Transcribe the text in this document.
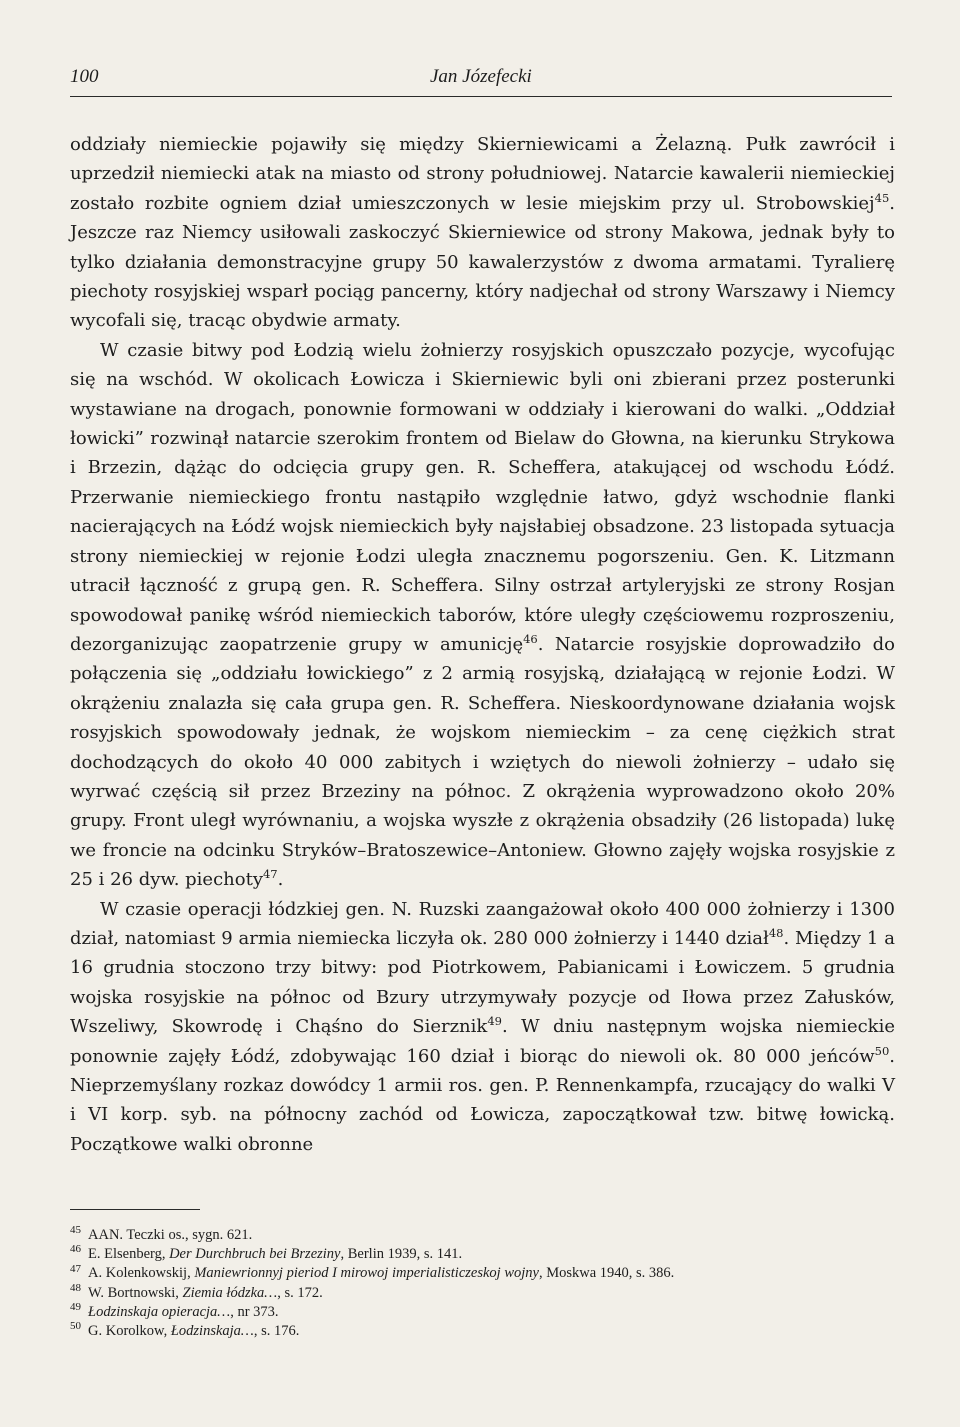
100	Jan Józefecki

oddziały niemieckie pojawiły się między Skierniewicami a Żelazną. Pułk zawrócił i uprzedził niemiecki atak na miasto od strony południowej. Natarcie kawalerii niemieckiej zostało rozbite ogniem dział umieszczonych w lesie miejskim przy ul. Strobowskiej$^{45}$. Jeszcze raz Niemcy usiłowali zaskoczyć Skierniewice od strony Makowa, jednak były to tylko działania demonstracyjne grupy 50 kawalerzystów z dwoma armatami. Tyralierę piechoty rosyjskiej wsparł pociąg pancerny, który nadjechał od strony Warszawy i Niemcy wycofali się, tracąc obydwie armaty.

W czasie bitwy pod Łodzią wielu żołnierzy rosyjskich opuszczało pozycje, wycofując się na wschód. W okolicach Łowicza i Skierniewic byli oni zbierani przez posterunki wystawiane na drogach, ponownie formowani w oddziały i kierowani do walki. „Oddział łowicki” rozwinął natarcie szerokim frontem od Bielaw do Głowna, na kierunku Strykowa i Brzezin, dążąc do odcięcia grupy gen. R. Scheffera, atakującej od wschodu Łódź. Przerwanie niemieckiego frontu nastąpiło względnie łatwo, gdyż wschodnie flanki nacierających na Łódź wojsk niemieckich były najsłabiej obsadzone. 23 listopada sytuacja strony niemieckiej w rejonie Łodzi uległa znacznemu pogorszeniu. Gen. K. Litzmann utracił łączność z grupą gen. R. Scheffera. Silny ostrzał artyleryjski ze strony Rosjan spowodował panikę wśród niemieckich taborów, które uległy częściowemu rozproszeniu, dezorganizując zaopatrzenie grupy w amunicję$^{46}$. Natarcie rosyjskie doprowadziło do połączenia się „oddziału łowickiego” z 2 armią rosyjską, działającą w rejonie Łodzi. W okrążeniu znalazła się cała grupa gen. R. Scheffera. Nieskoordynowane działania wojsk rosyjskich spowodowały jednak, że wojskom niemieckim – za cenę ciężkich strat dochodzących do około 40 000 zabitych i wziętych do niewoli żołnierzy – udało się wyrwać częścią sił przez Brzeziny na północ. Z okrążenia wyprowadzono około 20% grupy. Front uległ wyrównaniu, a wojska wyszłe z okrążenia obsadziły (26 listopada) lukę we froncie na odcinku Stryków–Bratoszewice–Antoniew. Głowno zajęły wojska rosyjskie z 25 i 26 dyw. piechoty$^{47}$.

W czasie operacji łódzkiej gen. N. Ruzski zaangażował około 400 000 żołnierzy i 1300 dział, natomiast 9 armia niemiecka liczyła ok. 280 000 żołnierzy i 1440 dział$^{48}$. Między 1 a 16 grudnia stoczono trzy bitwy: pod Piotrkowem, Pabianicami i Łowiczem. 5 grudnia wojska rosyjskie na północ od Bzury utrzymywały pozycje od Iłowa przez Załusków, Wszeliwy, Skowrodę i Chąśno do Sierznik$^{49}$. W dniu następnym wojska niemieckie ponownie zajęły Łódź, zdobywając 160 dział i biorąc do niewoli ok. 80 000 jeńców$^{50}$. Nieprzemyślany rozkaz dowódcy 1 armii ros. gen. P. Rennenkampfa, rzucający do walki V i VI korp. syb. na północny zachód od Łowicza, zapoczątkował tzw. bitwę łowicką. Początkowe walki obronne

$^{45}$ AAN. Teczki os., sygn. 621.
$^{46}$ E. Elsenberg, Der Durchbruch bei Brzeziny, Berlin 1939, s. 141.
$^{47}$ A. Kolenkowskij, Maniewrionnyj pieriod I mirowoj imperialisticzeskoj wojny, Moskwa 1940, s. 386.
$^{48}$ W. Bortnowski, Ziemia łódzka…, s. 172.
$^{49}$ Łodzinskaja opieracja…, nr 373.
$^{50}$ G. Korolkow, Łodzinskaja…, s. 176.
